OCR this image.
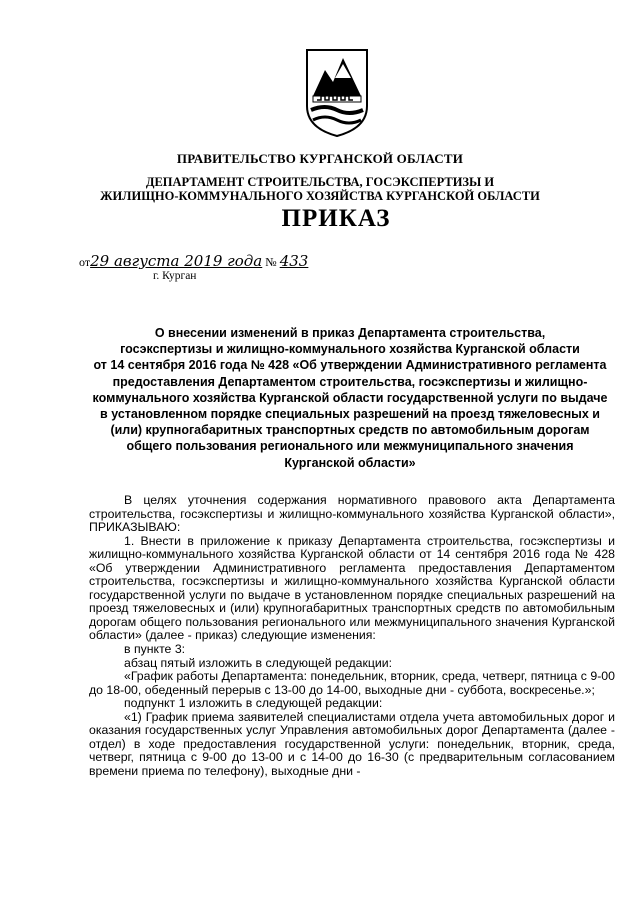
ПРАВИТЕЛЬСТВО КУРГАНСКОЙ ОБЛАСТИ
ДЕПАРТАМЕНТ СТРОИТЕЛЬСТВА, ГОСЭКСПЕРТИЗЫ И
ЖИЛИЩНО-КОММУНАЛЬНОГО ХОЗЯЙСТВА КУРГАНСКОЙ ОБЛАСТИ
ПРИКАЗ
от29 августа 2019 года № 433
г. Курган
О внесении изменений в приказ Департамента строительства,
госэкспертизы и жилищно-коммунального хозяйства Курганской области
от 14 сентября 2016 года № 428 «Об утверждении Административного регламента
предоставления Департаментом строительства, госэкспертизы и жилищно-
коммунального хозяйства Курганской области государственной услуги по выдаче
в установленном порядке специальных разрешений на проезд тяжеловесных и
(или) крупногабаритных транспортных средств по автомобильным дорогам
общего пользования регионального или межмуниципального значения
Курганской области»

В целях уточнения содержания нормативного правового акта Департамента строительства, госэкспертизы и жилищно-коммунального хозяйства Курганской области», ПРИКАЗЫВАЮ:

1. Внести в приложение к приказу Департамента строительства, госэкспертизы и жилищно-коммунального хозяйства Курганской области от 14 сентября 2016 года № 428 «Об утверждении Административного регламента предоставления Департаментом строительства, госэкспертизы и жилищно-коммунального хозяйства Курганской области государственной услуги по выдаче в установленном порядке специальных разрешений на проезд тяжеловесных и (или) крупногабаритных транспортных средств по автомобильным дорогам общего пользования регионального или межмуниципального значения Курганской области» (далее - приказ) следующие изменения:

в пункте 3:

абзац пятый изложить в следующей редакции:

«График работы Департамента: понедельник, вторник, среда, четверг, пятница с 9-00 до 18-00, обеденный перерыв с 13-00 до 14-00, выходные дни - суббота, воскресенье.»;

подпункт 1 изложить в следующей редакции:

«1) График приема заявителей специалистами отдела учета автомобильных дорог и оказания государственных услуг Управления автомобильных дорог Департамента (далее - отдел) в ходе предоставления государственной услуги: понедельник, вторник, среда, четверг, пятница с 9-00 до 13-00 и с 14-00 до 16-30 (с предварительным согласованием времени приема по телефону), выходные дни -
